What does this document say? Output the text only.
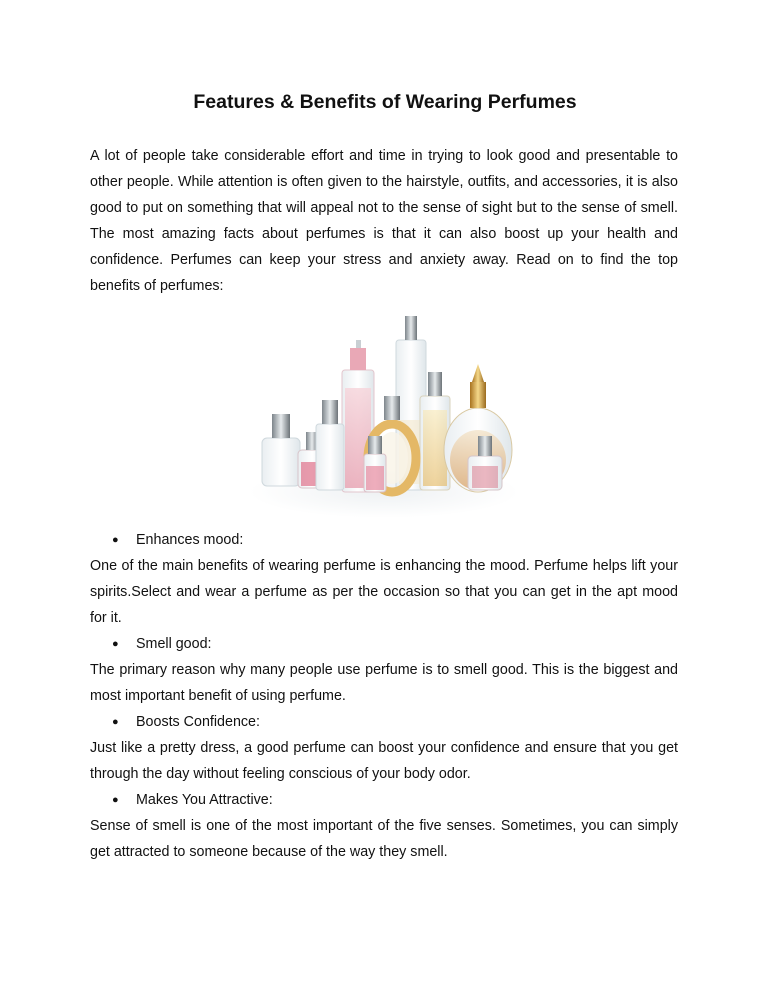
Features & Benefits of Wearing Perfumes

A lot of people take considerable effort and time in trying to look good and presentable to other people. While attention is often given to the hairstyle, outfits, and accessories, it is also good to put on something that will appeal not to the sense of sight but to the sense of smell. The most amazing facts about perfumes is that it can also boost up your health and confidence. Perfumes can keep your stress and anxiety away. Read on to find the top benefits of perfumes:

● Enhances mood:

One of the main benefits of wearing perfume is enhancing the mood. Perfume helps lift your spirits.Select and wear a perfume as per the occasion so that you can get in the apt mood for it.

● Smell good:

The primary reason why many people use perfume is to smell good. This is the biggest and most important benefit of using perfume.

● Boosts Confidence:

Just like a pretty dress, a good perfume can boost your confidence and ensure that you get through the day without feeling conscious of your body odor.

● Makes You Attractive:

Sense of smell is one of the most important of the five senses. Sometimes, you can simply get attracted to someone because of the way they smell.
